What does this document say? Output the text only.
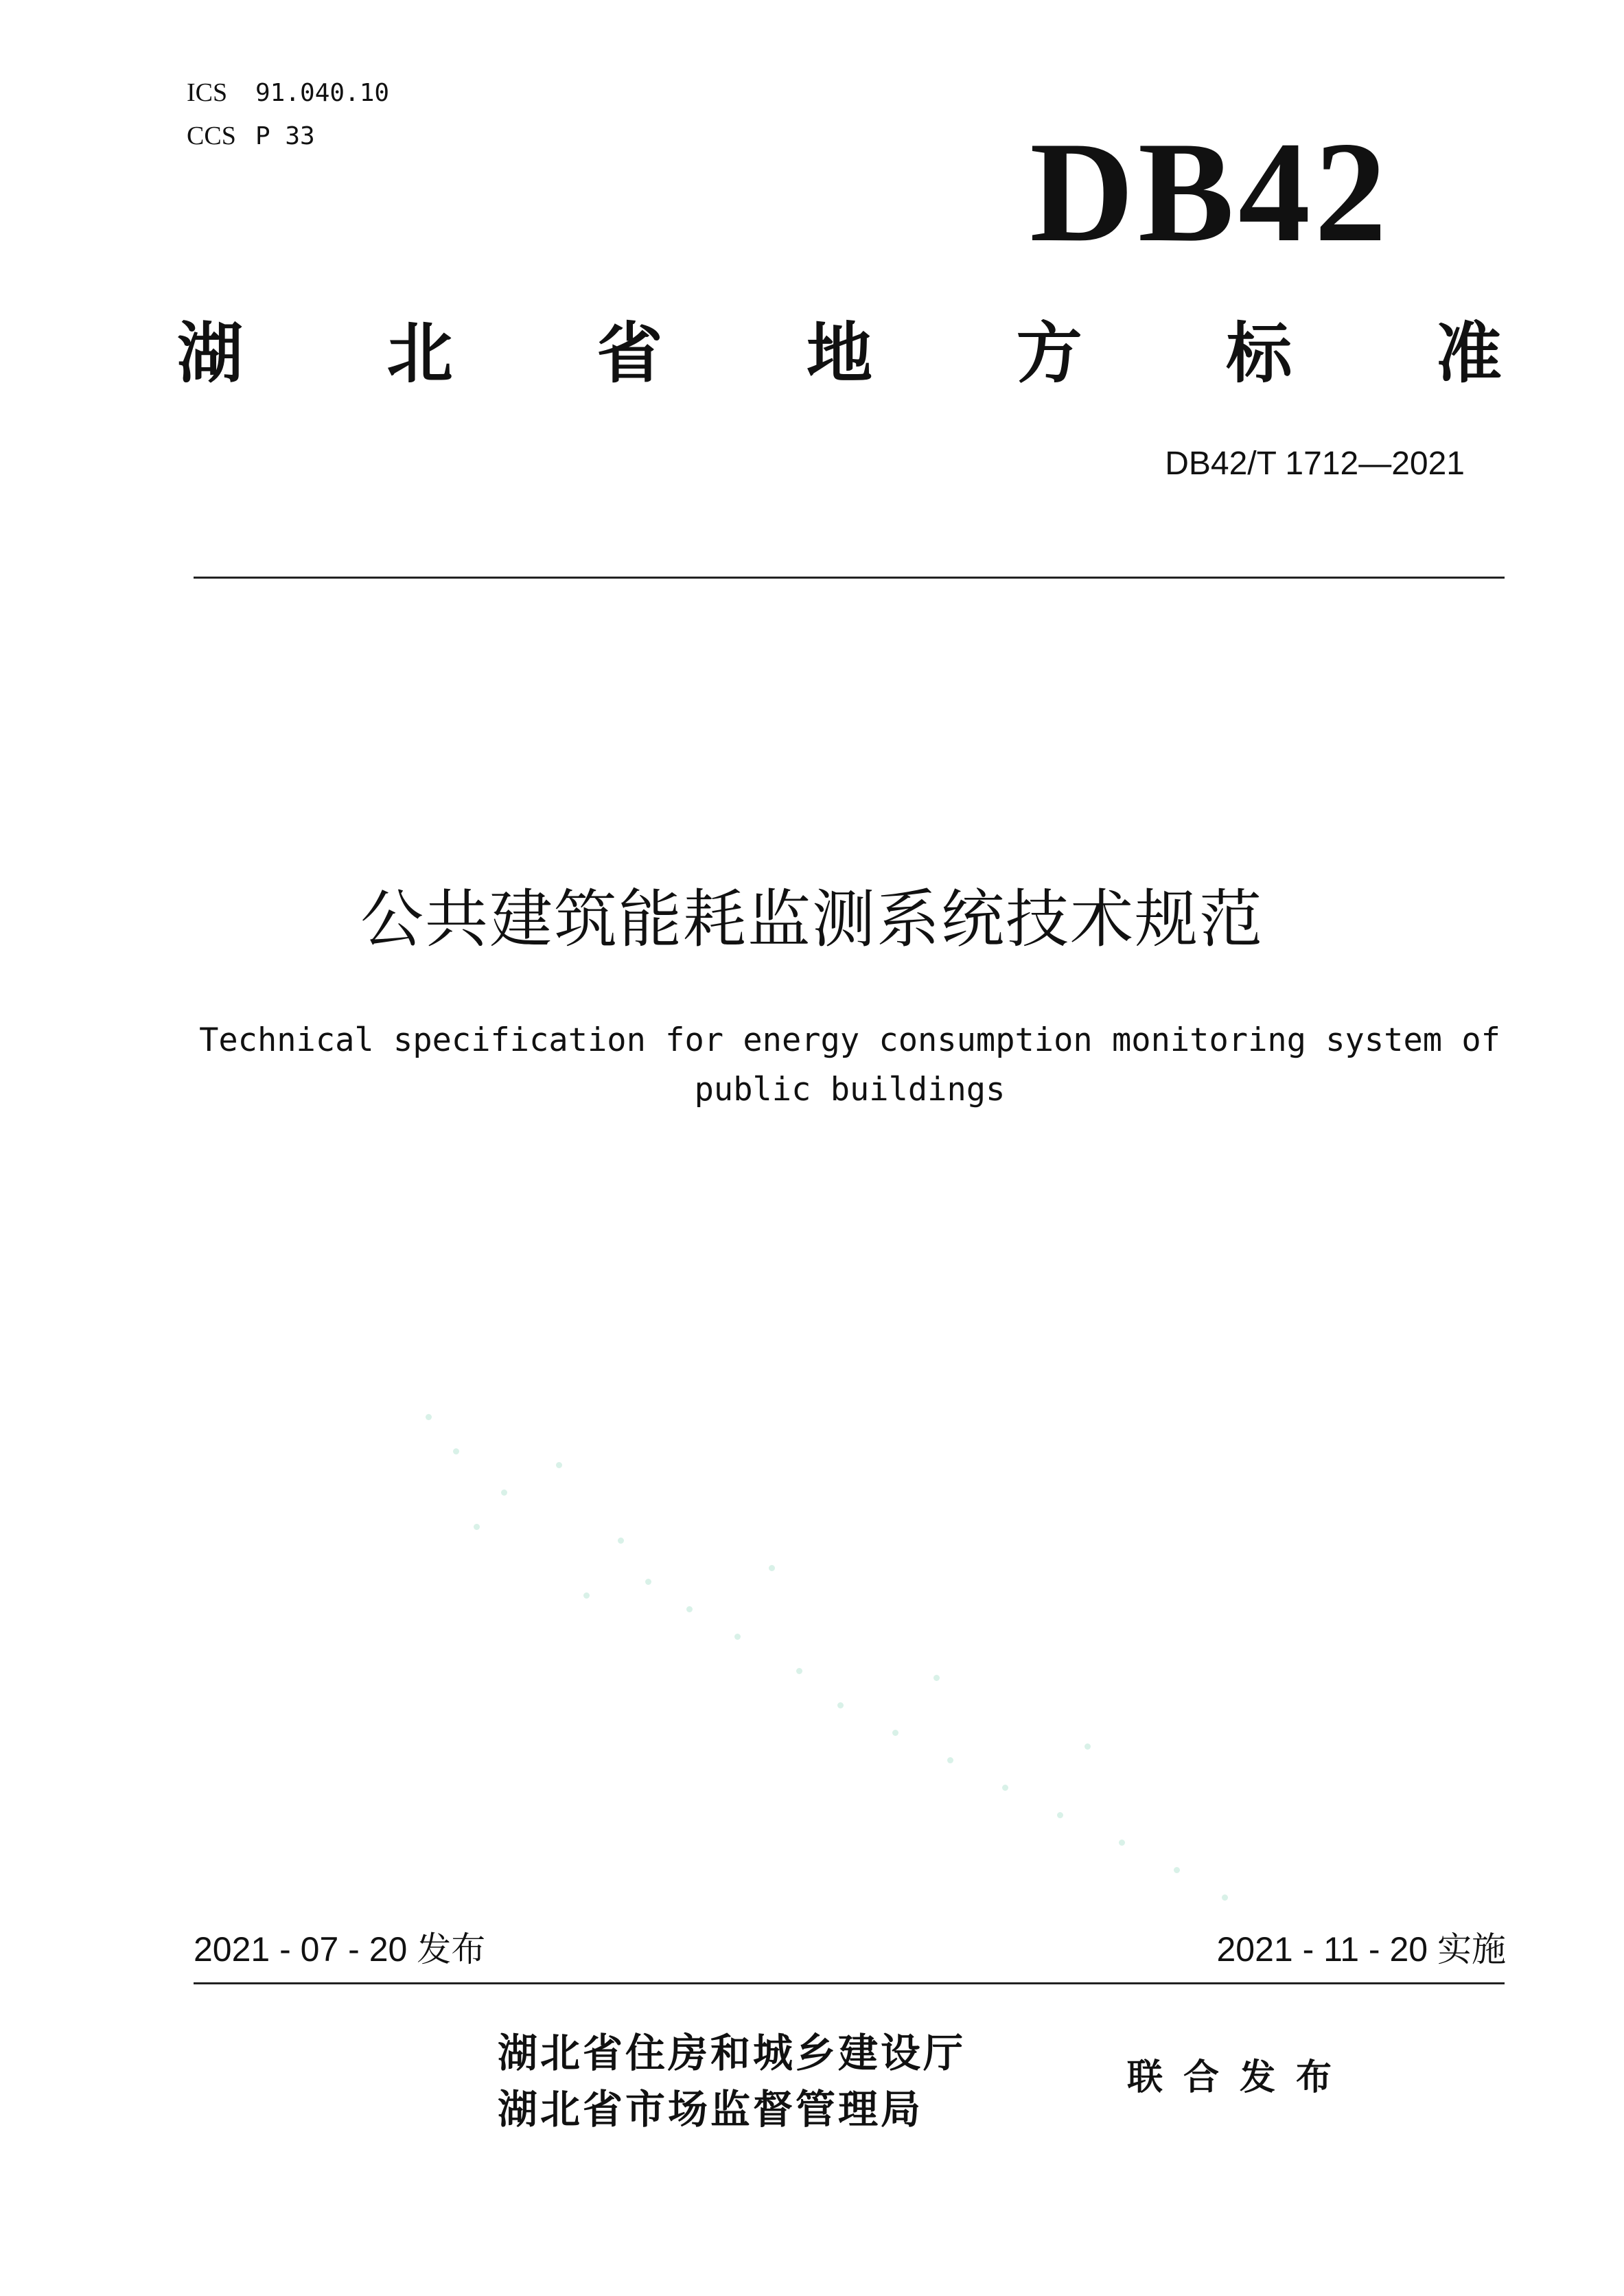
ICS 91.040.10
CCS P 33	DB42
湖 北 省 地 方 标 准
DB42/T 1712—2021
公共建筑能耗监测系统技术规范
Technical specification for energy consumption monitoring system of
public buildings
2021 - 07 - 20 发布	2021 - 11 - 20 实施
湖北省住房和城乡建设厅
湖北省市场监督管理局
联合发布
